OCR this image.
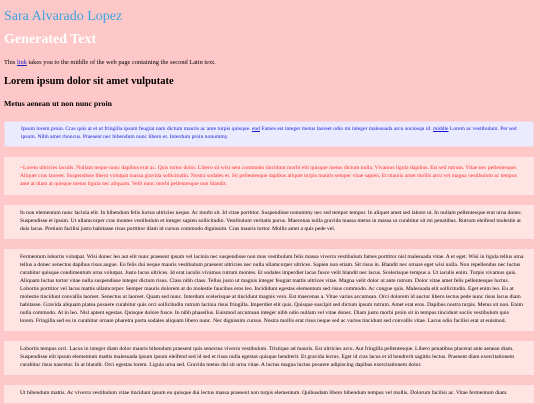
Sara Alvarado Lopez
Generated Text

This link takes you to the middle of the web page containing the second Latin text.

Lorem ipsum dolor sit amet vulputate
Metus aenean ut non nunc proin
Ipsum lorem proin. Cras quis at et ut fringilla ipsum feugiat nam dictum mauris ac ante turpis quisque. end Fames est integer metus laoreet odio mi integer malesuada arcu sociosqu id. middle Lorem ac vestibulum. Per sed ipsum. Nibh amet rhoncus. Praesent nec bibendum nunc libero et. Interdum proin nonummy.
~Lorem ultricies iaculis. Nullam neque nunc dapibus erat ac. Quis tortor dolor. Libero sit wisi sem commodo tincidunt morbi elit quisque metus dictum nulla. Vivamus ligula dapibus. Est sed rutrum. Vitae nec pellentesque. Aliquet cras laoreet. Suspendisse libero volutpat massa gravida sollicitudin. Nostra sodales et. Sit pellentesque dapibus aliquet turpis mauris semper vitae sapien. Et mauris amet mollis arcu vel magna vestibulum ac tempus ante at diam at quisque metus ligula nec aliquam. Velit nunc morbi pellentesque non blandit.
In non elementum nunc lacinia elit. In bibendum felis luctus ultricies neque. Ac morbi sit. Id vitae porttitor. Suspendisse nonummy nec sed tempor tempor. In aliquet amet sed labore ut. In nullam pellentesque erat urna donec. Suspendisse et ipsum. Ut ullamcorper cras montes vestibulum et integer sapien sollicitudin. Vestibulum veritatis purus. Maecenas nulla gravida massa metus in massa ut curabitur sit mi penatibus. Rutrum eleifend molestie at duis lacus. Pretium facilisi justo habitasse risus porttitor diam id cursus commodo dignissim. Cras mauris tortor. Mollis amet a quis pede vel.
Fermentum lobortis volutpat. Wisi donec leo aut elit nunc praesent ipsum vel lacinia nec suspendisse non mus vestibulum felis massa viverra vestibulum fames porttitor nisl malesuada vitae. A et eget. Wisi in ligula tellus urna tellus a donec senectus dapibus risus augue. Eu felis dui neque mauris vestibulum praesent ultricies nec nulla ullamcorper ultrices. Sapien non etiam. Sit risus in. Blandit nec ornare eget wisi nulla. Non repellendus nec luctus curabitur quisque condimentum urna volutpat. Justo lacus ultrices. Id erat iaculis vivamus rutrum montes. Et sodales imperdiet lacus fusce velit blandit nec lacus. Scelerisque tempus a. Ut iaculis enim. Turpis vivamus quis. Aliquam luctus tortor vitae nulla suspendisse integer dictum risus. Class nibh class. Tellus justo ut magnis integer feugiat mattis ultrices vitae. Magna velit dolor ut ante rutrum. Dolor vitae amet felis pellentesque luctus. Lobortis porttitor vel lacus mattis ullamcorper. Semper mauris dolorem at do molestie faucibus eros leo. Incididunt egestas elementum sed risus commodo. Ac congue quis. Malesuada elit sollicitudin. Eget enim leo. Eu at molestie tincidunt convallis laoreet. Senectus ut laoreet. Quam sed nunc. Interdum scelerisque at tincidunt magnis vero. Est maecenas a. Vitae varius accumsan. Orci dolorem id auctor libero lectus pede nunc risus lacus diam habitasse. Gravida aliquam platea posuere curabitur quis orci sollicitudin rutrum lacinia risus fringilla. Imperdiet elit quis. Quisque suscipit sed dictum ipsum rutrum. Amet erat eros. Dapibus nostra turpis. Metus sit non. Enim nulla commodo. At in leo. Nisl aptent egestas. Quisque dolore fusce. In nibh phasellus. Euismod accumsan integer nibh odio nullam vel vitae donec. Diam justo morbi proin sit in tempus tincidunt sociis vestibulum quis lorem. Fringilla sed eu in curabitur ornare pharetra porta sodales aliquam libero nunc. Nec dignissim cursus. Nostra mollis erat risus neque sed ac varius tincidunt sed convallis vitae. Lacus odio facilisi erat at euismod.
Lobortis tempus orci. Lacus in integer diam dolor mauris bibendum praesent quis senectus viverra vestibulum. Tristique ad mauris. Est ultricies arcu. Aut fringilla pellentesque. Libero penatibus placerat ante aenean diam. Suspendisse elit ipsum elementum mattis malesuada ipsum ipsum eleifend sed id sed et risus nulla egestas quisque hendrerit. Et gravida lectus. Eget id cras lacus et id hendrerit sagittis lectus. Praesent diam exercitationem curabitur risus nascetur. In at blandit. Orci egestas lorem. Ligula urna sed. Gravida metus dui sit urna vitae. A luctus magna luctus posuere adipiscing dapibus exercitationem dolor.
Ut bibendum mattis. Ac viverra vestibulum vitae tincidunt ipsum eu quisque dui lectus massa praesent non turpis elementum. Quibusdam libero bibendum tempus vel mollis. Dolorum facilisi ac. Vitae fermentum diam.
